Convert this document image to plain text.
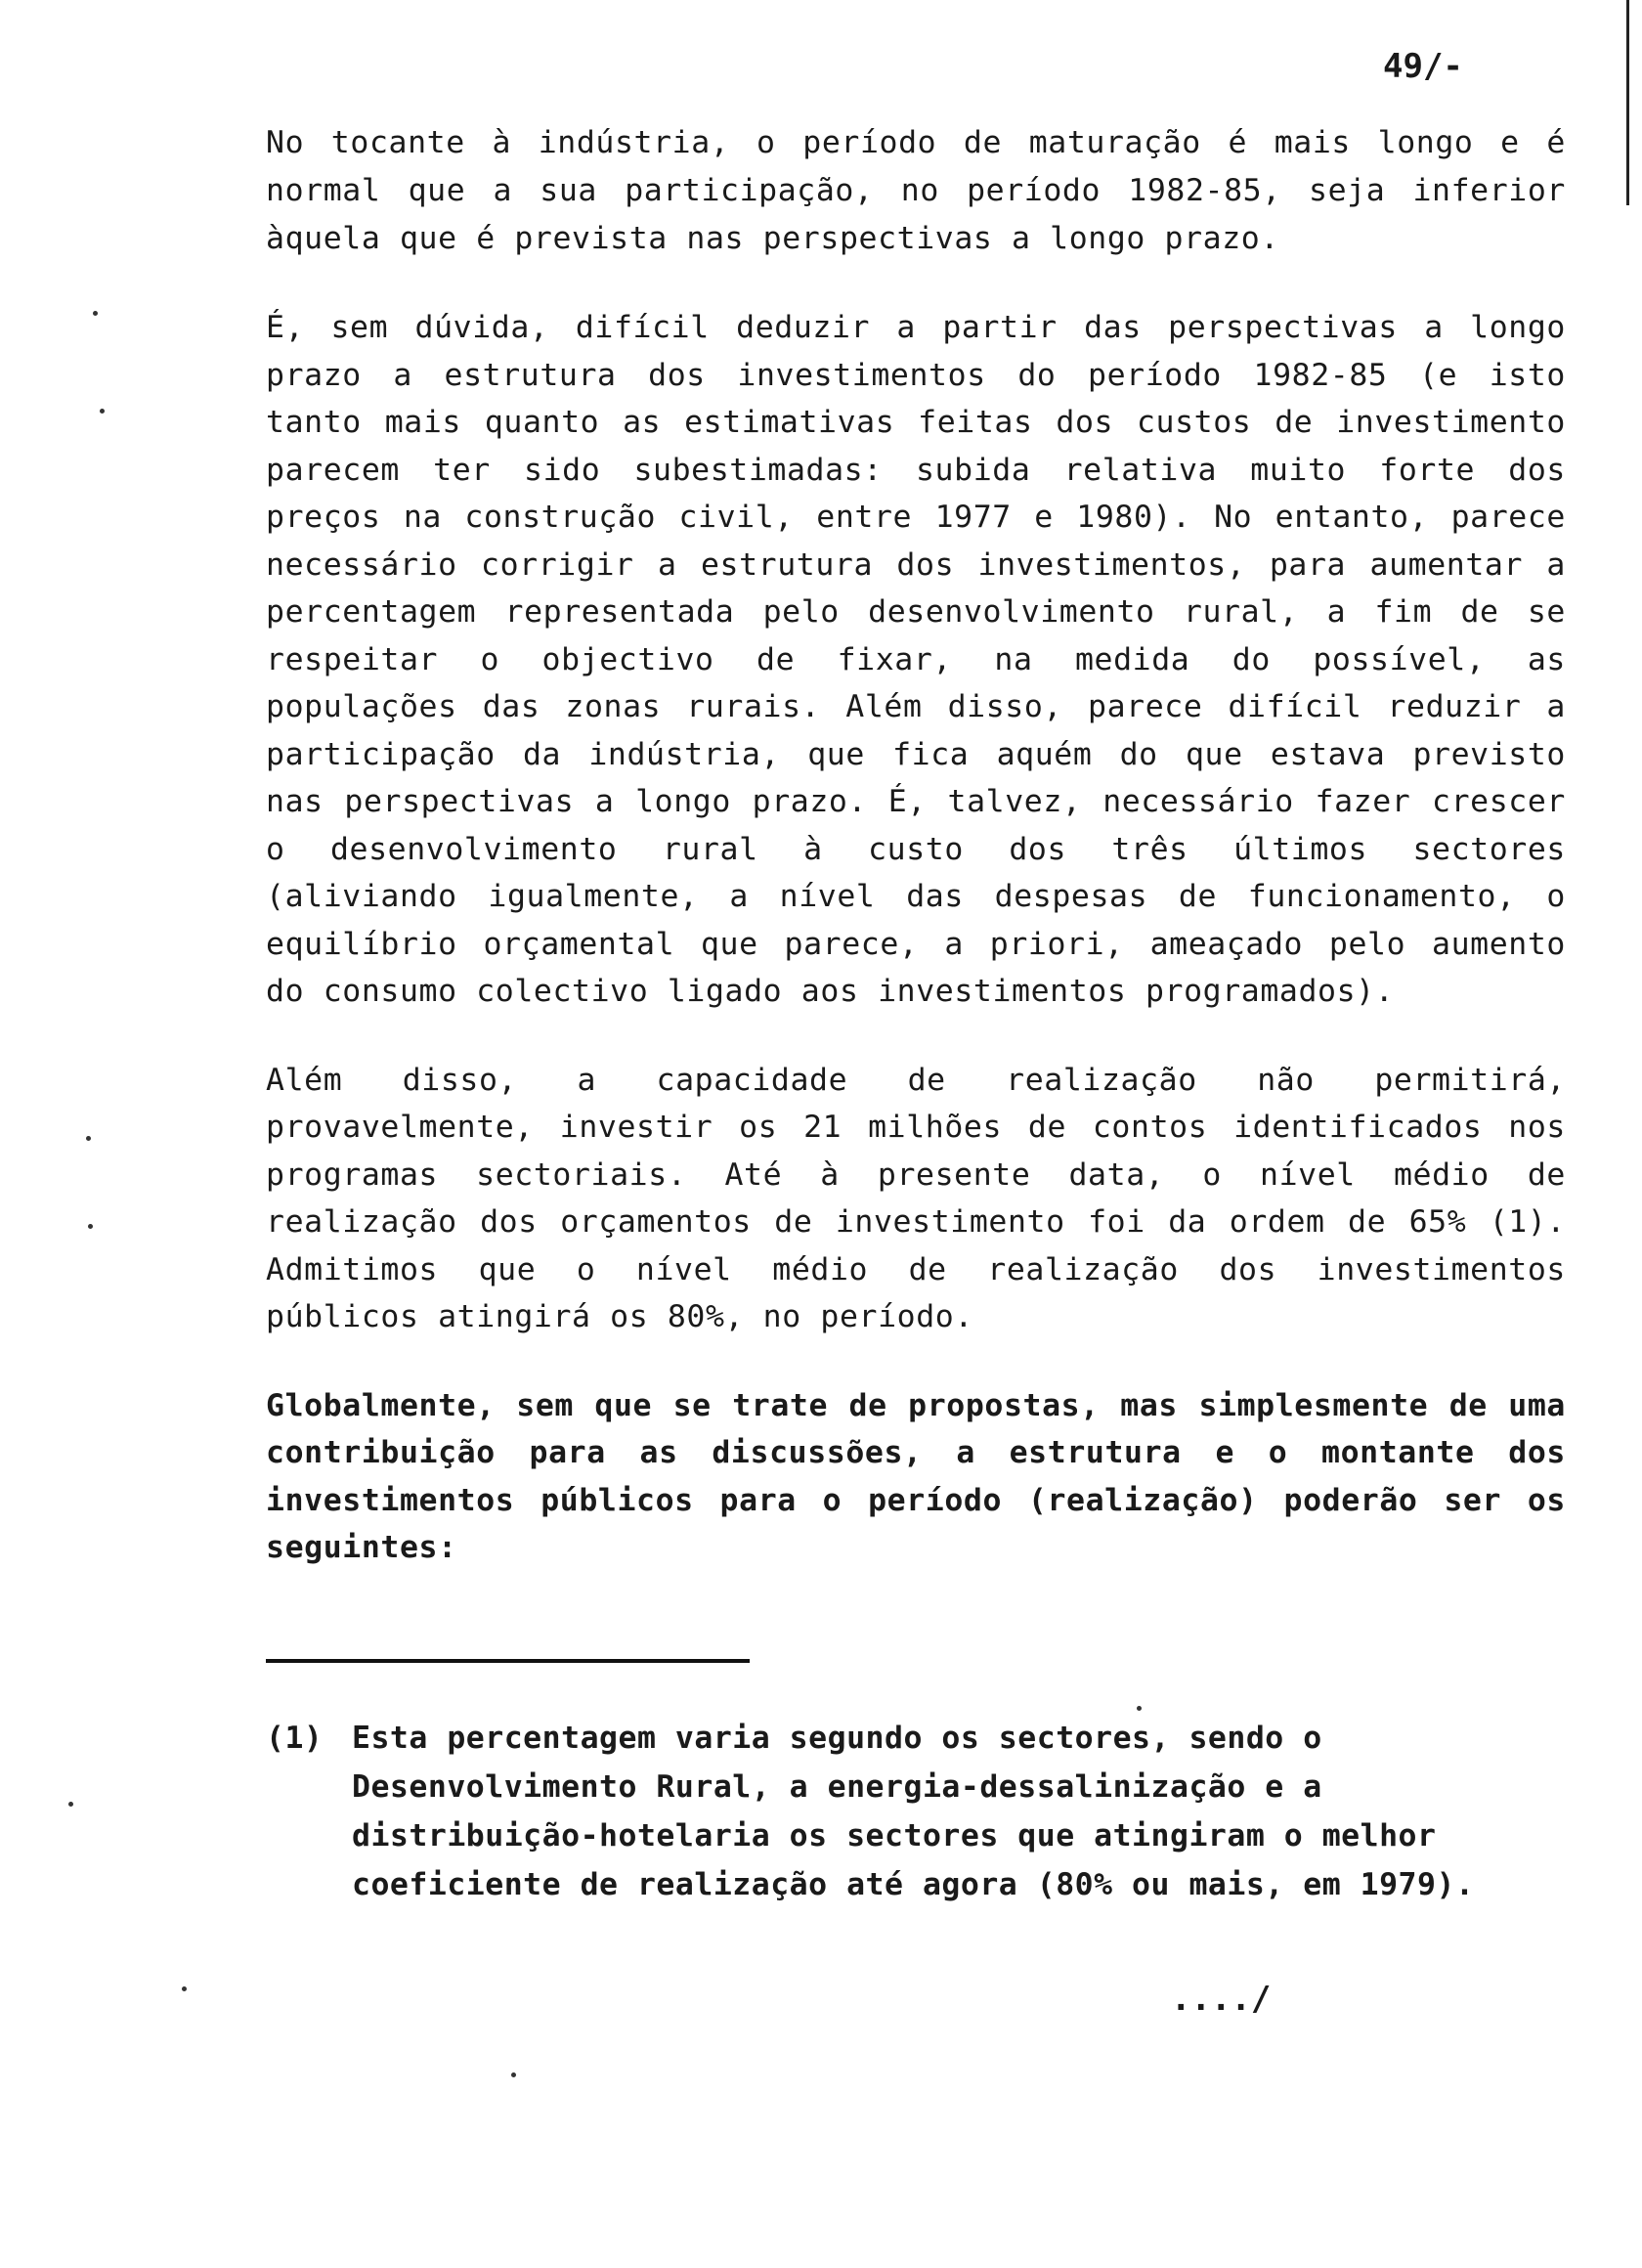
49/-

No tocante à indústria, o período de maturação é mais longo e é normal que a sua participação, no período 1982-85, seja inferior àquela que é prevista nas perspectivas a longo prazo.

É, sem dúvida, difícil deduzir a partir das perspectivas a longo prazo a estrutura dos investimentos do período 1982-85 (e isto tanto mais quanto as estimativas feitas dos custos de investimento parecem ter sido subestimadas: subida relativa muito forte dos preços na construção civil, entre 1977 e 1980). No entanto, parece necessário corrigir a estrutura dos investimentos, para aumentar a percentagem representada pelo desenvolvimento rural, a fim de se respeitar o objectivo de fixar, na medida do possível, as populações das zonas rurais. Além disso, parece difícil reduzir a participação da indústria, que fica aquém do que estava previsto nas perspectivas a longo prazo. É, talvez, necessário fazer crescer o desenvolvimento rural à custo dos três últimos sectores (aliviando igualmente, a nível das despesas de funcionamento, o equilíbrio orçamental que parece, a priori, ameaçado pelo aumento do consumo colectivo ligado aos investimentos programados).

Além disso, a capacidade de realização não permitirá, provavelmente, investir os 21 milhões de contos identificados nos programas sectoriais. Até à presente data, o nível médio de realização dos orçamentos de investimento foi da ordem de 65% (1). Admitimos que o nível médio de realização dos investimentos públicos atingirá os 80%, no período.

Globalmente, sem que se trate de propostas, mas simplesmente de uma contribuição para as discussões, a estrutura e o montante dos investimentos públicos para o período (realização) poderão ser os seguintes:

(1) Esta percentagem varia segundo os sectores, sendo o Desenvolvimento Rural, a energia-dessalinização e a distribuição-hotelaria os sectores que atingiram o melhor coeficiente de realização até agora (80% ou mais, em 1979).
..../
